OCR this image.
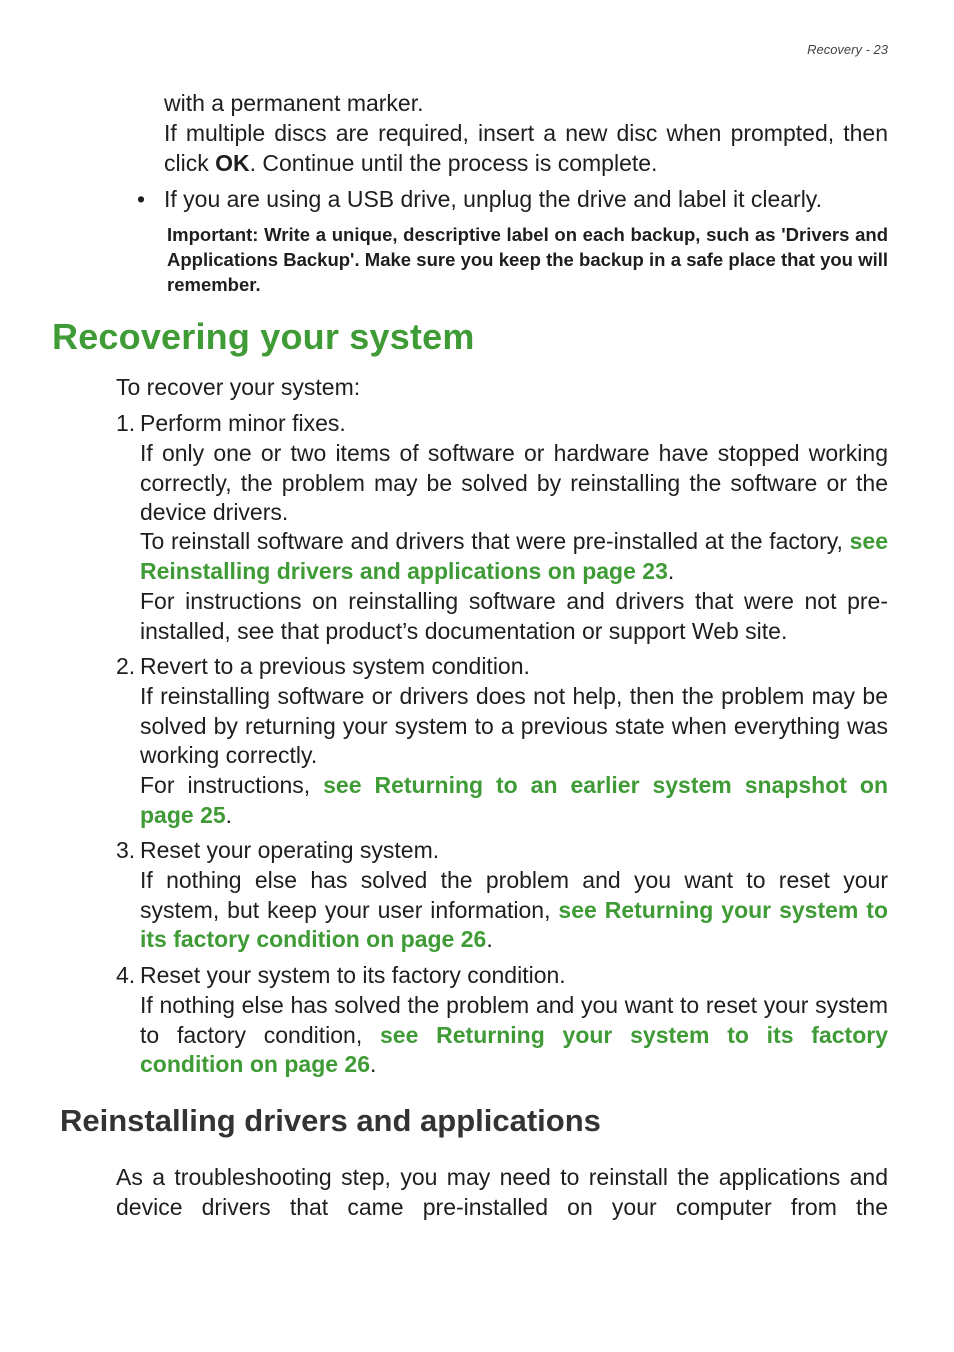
Recovery - 23
with a permanent marker.
If multiple discs are required, insert a new disc when prompted, then click OK. Continue until the process is complete.
• If you are using a USB drive, unplug the drive and label it clearly.
Important: Write a unique, descriptive label on each backup, such as 'Drivers and Applications Backup'. Make sure you keep the backup in a safe place that you will remember.
Recovering your system
To recover your system:
1. Perform minor fixes.
If only one or two items of software or hardware have stopped working correctly, the problem may be solved by reinstalling the software or the device drivers.
To reinstall software and drivers that were pre-installed at the factory, see Reinstalling drivers and applications on page 23.
For instructions on reinstalling software and drivers that were not pre-installed, see that product’s documentation or support Web site.
2. Revert to a previous system condition.
If reinstalling software or drivers does not help, then the problem may be solved by returning your system to a previous state when everything was working correctly.
For instructions, see Returning to an earlier system snapshot on page 25.
3. Reset your operating system.
If nothing else has solved the problem and you want to reset your system, but keep your user information, see Returning your system to its factory condition on page 26.
4. Reset your system to its factory condition.
If nothing else has solved the problem and you want to reset your system to factory condition, see Returning your system to its factory condition on page 26.
Reinstalling drivers and applications
As a troubleshooting step, you may need to reinstall the applications and device drivers that came pre-installed on your computer from the
